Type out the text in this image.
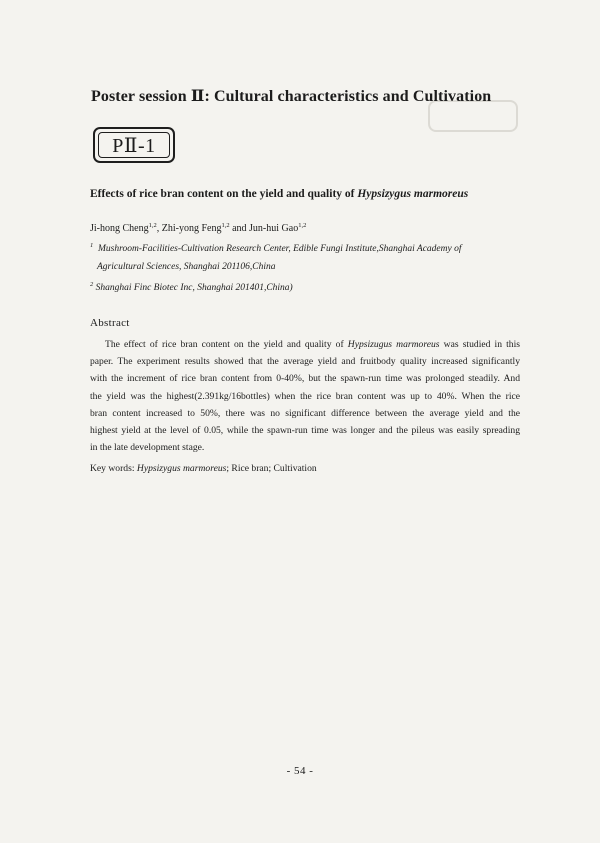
Poster session Ⅱ: Cultural characteristics and Cultivation
PⅡ-1
Effects of rice bran content on the yield and quality of Hypsizygus marmoreus
Ji-hong Cheng$^{1,2}$, Zhi-yong Feng$^{1,2}$ and Jun-hui Gao$^{1,2}$
$^1$ Mushroom-Facilities-Cultivation Research Center, Edible Fungi Institute,Shanghai Academy of
Agricultural Sciences, Shanghai 201106,China
$^2$ Shanghai Finc Biotec Inc, Shanghai 201401,China)
Abstract
The effect of rice bran content on the yield and quality of Hypsizugus marmoreus was studied in this
paper. The experiment results showed that the average yield and fruitbody quality increased significantly
with the increment of rice bran content from 0-40%, but the spawn-run time was prolonged steadily. And
the yield was the highest(2.391kg/16bottles) when the rice bran content was up to 40%. When the rice
bran content increased to 50%, there was no significant difference between the average yield and the
highest yield at the level of 0.05, while the spawn-run time was longer and the pileus was easily spreading
in the late development stage.
Key words: Hypsizygus marmoreus; Rice bran; Cultivation
- 54 -
